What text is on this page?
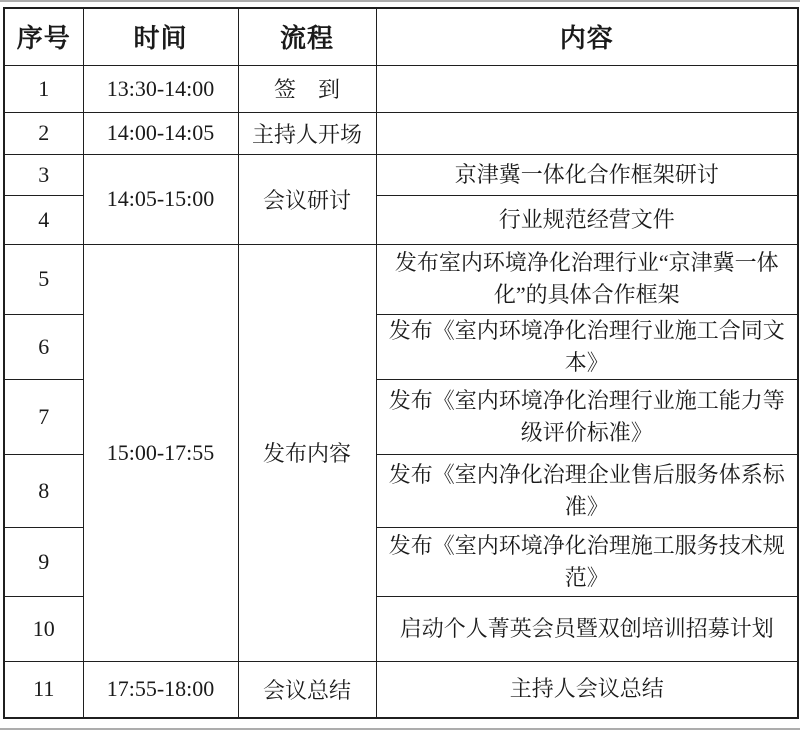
序号	时间	流程	内容
1	13:30-14:00	签　到	
2	14:00-14:05	主持人开场	
3	14:05-15:00	会议研讨	京津冀一体化合作框架研讨
4			行业规范经营文件
5	15:00-17:55	发布内容	发布室内环境净化治理行业“京津冀一体化”的具体合作框架
6			发布《室内环境净化治理行业施工合同文本》
7			发布《室内环境净化治理行业施工能力等级评价标准》
8			发布《室内净化治理企业售后服务体系标准》
9			发布《室内环境净化治理施工服务技术规范》
10			启动个人菁英会员暨双创培训招募计划
11	17:55-18:00	会议总结	主持人会议总结
